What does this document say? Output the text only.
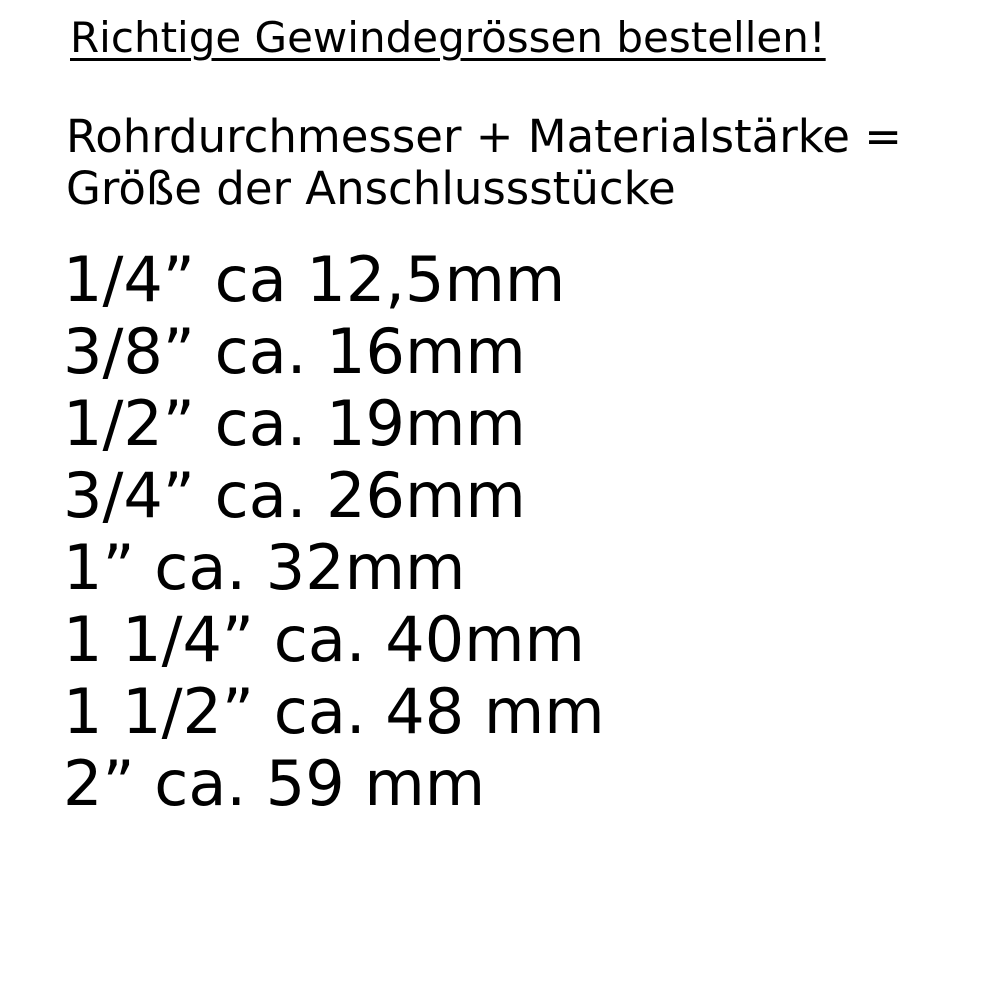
Richtige Gewindegrössen bestellen!
Rohrdurchmesser + Materialstärke =
Größe der Anschlussstücke
1/4” ca 12,5mm
3/8” ca. 16mm
1/2” ca. 19mm
3/4” ca. 26mm
1” ca. 32mm
1 1/4” ca. 40mm
1 1/2” ca. 48 mm
2” ca. 59 mm
